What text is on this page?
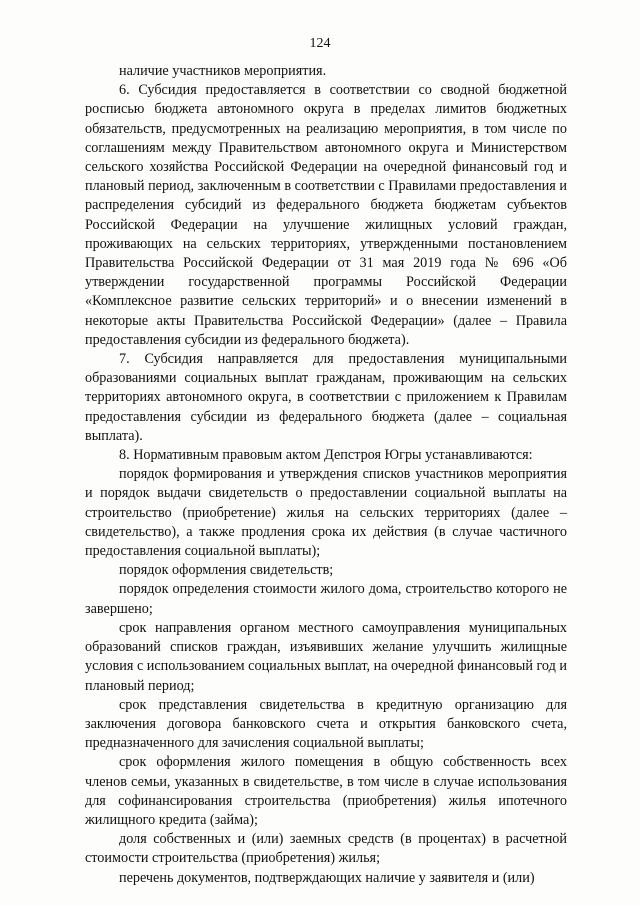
124

наличие участников мероприятия.

6. Субсидия предоставляется в соответствии со сводной бюджетной росписью бюджета автономного округа в пределах лимитов бюджетных обязательств, предусмотренных на реализацию мероприятия, в том числе по соглашениям между Правительством автономного округа и Министерством сельского хозяйства Российской Федерации на очередной финансовый год и плановый период, заключенным в соответствии с Правилами предоставления и распределения субсидий из федерального бюджета бюджетам субъектов Российской Федерации на улучшение жилищных условий граждан, проживающих на сельских территориях, утвержденными постановлением Правительства Российской Федерации от 31 мая 2019 года № 696 «Об утверждении государственной программы Российской Федерации «Комплексное развитие сельских территорий» и о внесении изменений в некоторые акты Правительства Российской Федерации» (далее – Правила предоставления субсидии из федерального бюджета).

7. Субсидия направляется для предоставления муниципальными образованиями социальных выплат гражданам, проживающим на сельских территориях автономного округа, в соответствии с приложением к Правилам предоставления субсидии из федерального бюджета (далее – социальная выплата).

8. Нормативным правовым актом Депстроя Югры устанавливаются:

порядок формирования и утверждения списков участников мероприятия и порядок выдачи свидетельств о предоставлении социальной выплаты на строительство (приобретение) жилья на сельских территориях (далее – свидетельство), а также продления срока их действия (в случае частичного предоставления социальной выплаты);

порядок оформления свидетельств;

порядок определения стоимости жилого дома, строительство которого не завершено;

срок направления органом местного самоуправления муниципальных образований списков граждан, изъявивших желание улучшить жилищные условия с использованием социальных выплат, на очередной финансовый год и плановый период;

срок представления свидетельства в кредитную организацию для заключения договора банковского счета и открытия банковского счета, предназначенного для зачисления социальной выплаты;

срок оформления жилого помещения в общую собственность всех членов семьи, указанных в свидетельстве, в том числе в случае использования для софинансирования строительства (приобретения) жилья ипотечного жилищного кредита (займа);

доля собственных и (или) заемных средств (в процентах) в расчетной стоимости строительства (приобретения) жилья;

перечень документов, подтверждающих наличие у заявителя и (или)
